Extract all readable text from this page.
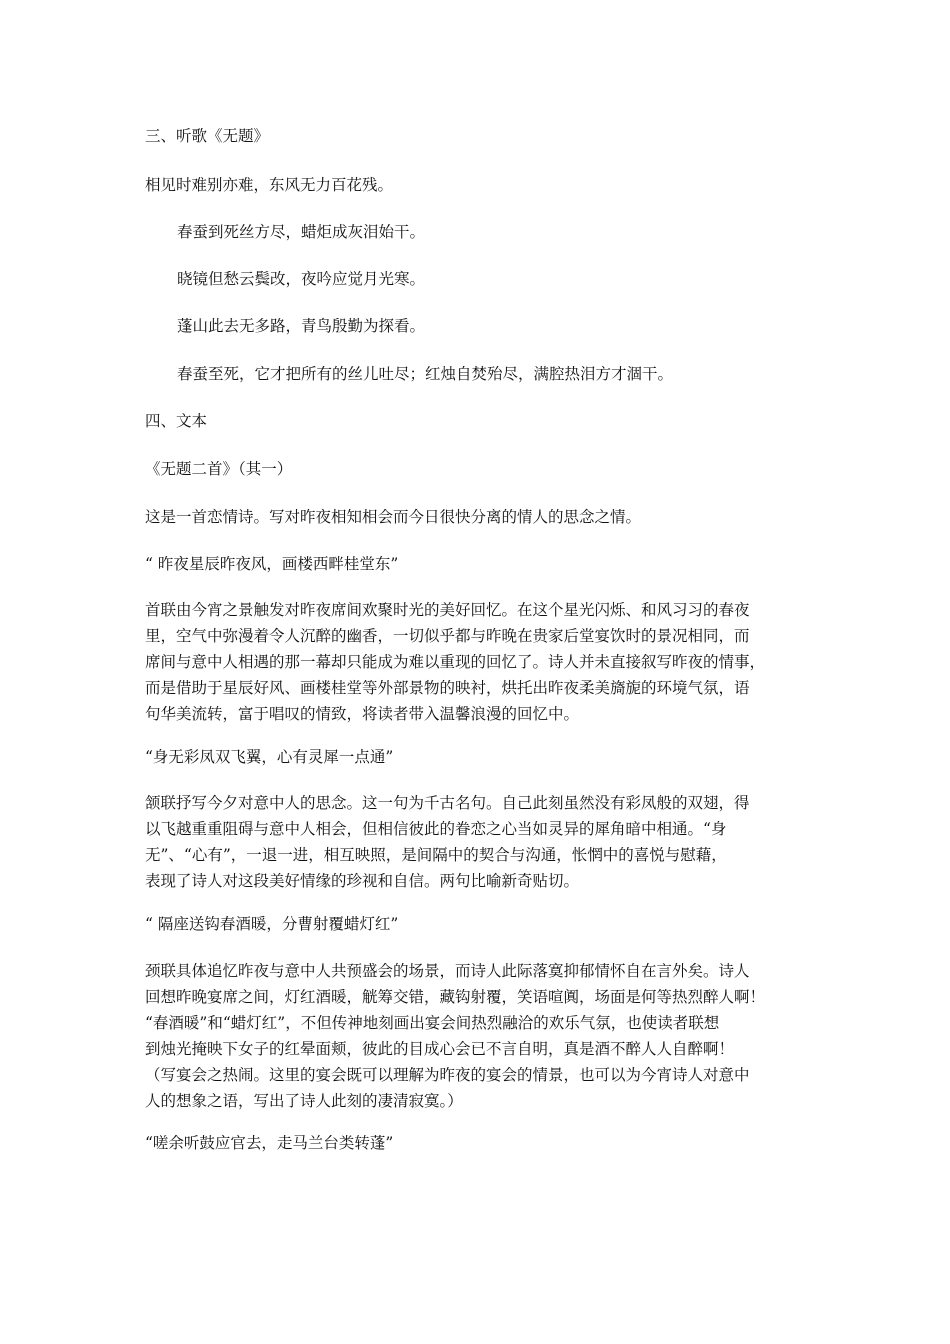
三、听歌《无题》

相见时难别亦难，东风无力百花残。

春蚕到死丝方尽，蜡炬成灰泪始干。

晓镜但愁云鬓改，夜吟应觉月光寒。

蓬山此去无多路，青鸟殷勤为探看。

春蚕至死，它才把所有的丝儿吐尽；红烛自焚殆尽，满腔热泪方才涸干。

四、文本

《无题二首》（其一）

这是一首恋情诗。写对昨夜相知相会而今日很快分离的情人的思念之情。

“ 昨夜星辰昨夜风，画楼西畔桂堂东”

首联由今宵之景触发对昨夜席间欢聚时光的美好回忆。在这个星光闪烁、和风习习的春夜
里，空气中弥漫着令人沉醉的幽香，一切似乎都与昨晚在贵家后堂宴饮时的景况相同，而
席间与意中人相遇的那一幕却只能成为难以重现的回忆了。诗人并未直接叙写昨夜的情事，
而是借助于星辰好风、画楼桂堂等外部景物的映衬，烘托出昨夜柔美旖旎的环境气氛，语
句华美流转，富于唱叹的情致，将读者带入温馨浪漫的回忆中。

“身无彩凤双飞翼，心有灵犀一点通”

颔联抒写今夕对意中人的思念。这一句为千古名句。自己此刻虽然没有彩凤般的双翅，得
以飞越重重阻碍与意中人相会，但相信彼此的眷恋之心当如灵异的犀角暗中相通。“身
无”、“心有”，一退一进，相互映照，是间隔中的契合与沟通，怅惘中的喜悦与慰藉，
表现了诗人对这段美好情缘的珍视和自信。两句比喻新奇贴切。

“ 隔座送钩春酒暖，分曹射覆蜡灯红”

颈联具体追忆昨夜与意中人共预盛会的场景，而诗人此际落寞抑郁情怀自在言外矣。诗人
回想昨晚宴席之间，灯红酒暖，觥筹交错，藏钩射覆，笑语喧阗，场面是何等热烈醉人啊！
“春酒暖”和“蜡灯红”，不但传神地刻画出宴会间热烈融洽的欢乐气氛，也使读者联想
到烛光掩映下女子的红晕面颊，彼此的目成心会已不言自明，真是酒不醉人人自醉啊！
（写宴会之热闹。这里的宴会既可以理解为昨夜的宴会的情景，也可以为今宵诗人对意中
人的想象之语，写出了诗人此刻的凄清寂寞。）

“嗟余听鼓应官去，走马兰台类转蓬”
